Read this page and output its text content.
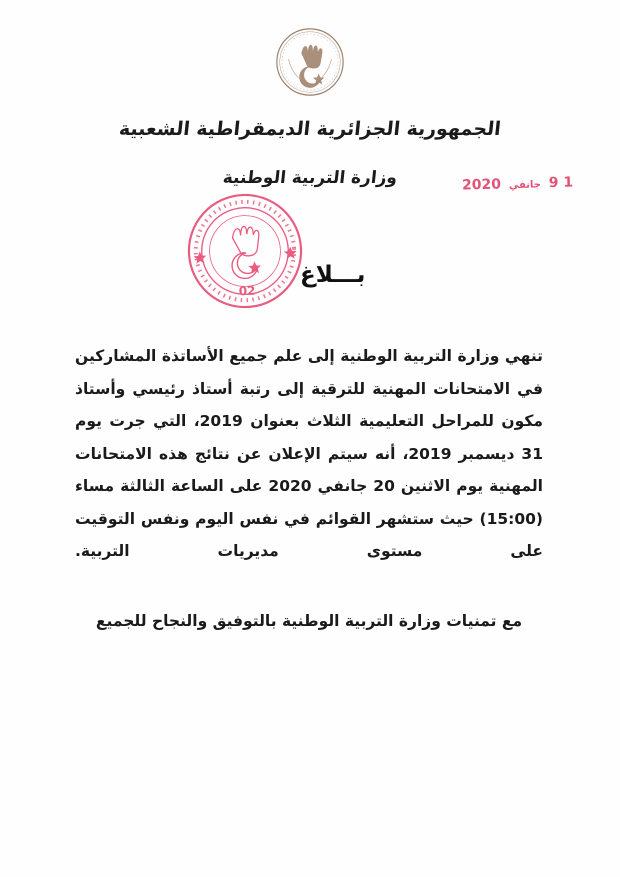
الجمهورية الجزائرية الديمقراطية الشعبية
وزارة التربية الوطنية	1 9 جانفي 2020
02
بـــلاغ

تنهي وزارة التربية الوطنية إلى علم جميع الأساتذة المشاركين في الامتحانات المهنية للترقية إلى رتبة أستاذ رئيسي وأستاذ مكون للمراحل التعليمية الثلاث بعنوان 2019، التي جرت يوم 31 ديسمبر 2019، أنه سيتم الإعلان عن نتائج هذه الامتحانات المهنية يوم الاثنين 20 جانفي 2020 على الساعة الثالثة مساء (15:00) حيث ستشهر القوائم في نفس اليوم ونفس التوقيت على مستوى مديريات التربية.

مع تمنيات وزارة التربية الوطنية بالتوفيق والنجاح للجميع
